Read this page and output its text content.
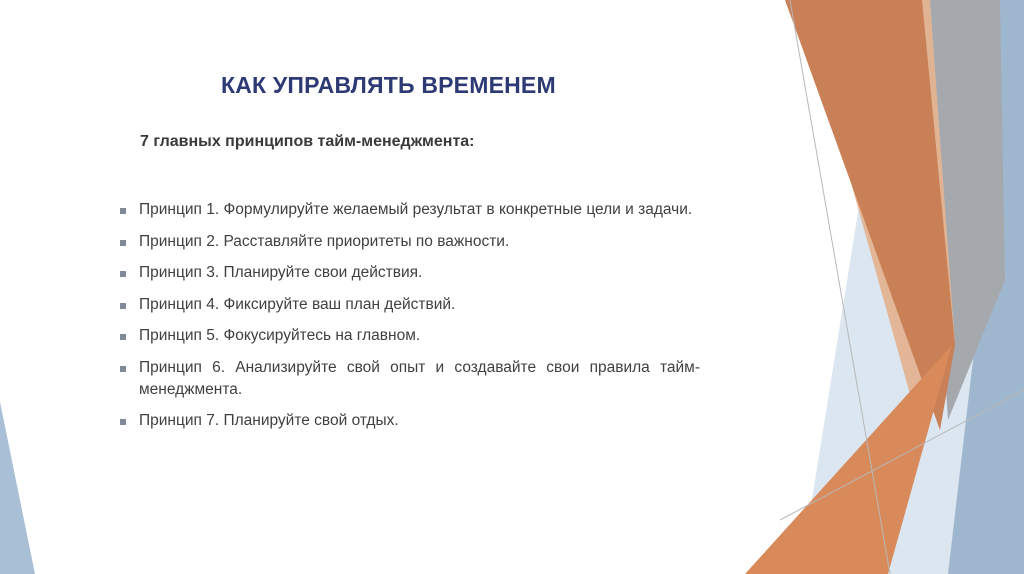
КАК УПРАВЛЯТЬ ВРЕМЕНЕМ
7 главных принципов тайм-менеджмента:
Принцип 1. Формулируйте желаемый результат в конкретные цели и задачи.
Принцип 2. Расставляйте приоритеты по важности.
Принцип 3. Планируйте свои действия.
Принцип 4. Фиксируйте ваш план действий.
Принцип 5. Фокусируйтесь на главном.
Принцип 6. Анализируйте свой опыт и создавайте свои правила тайм-менеджмента.
Принцип 7. Планируйте свой отдых.
